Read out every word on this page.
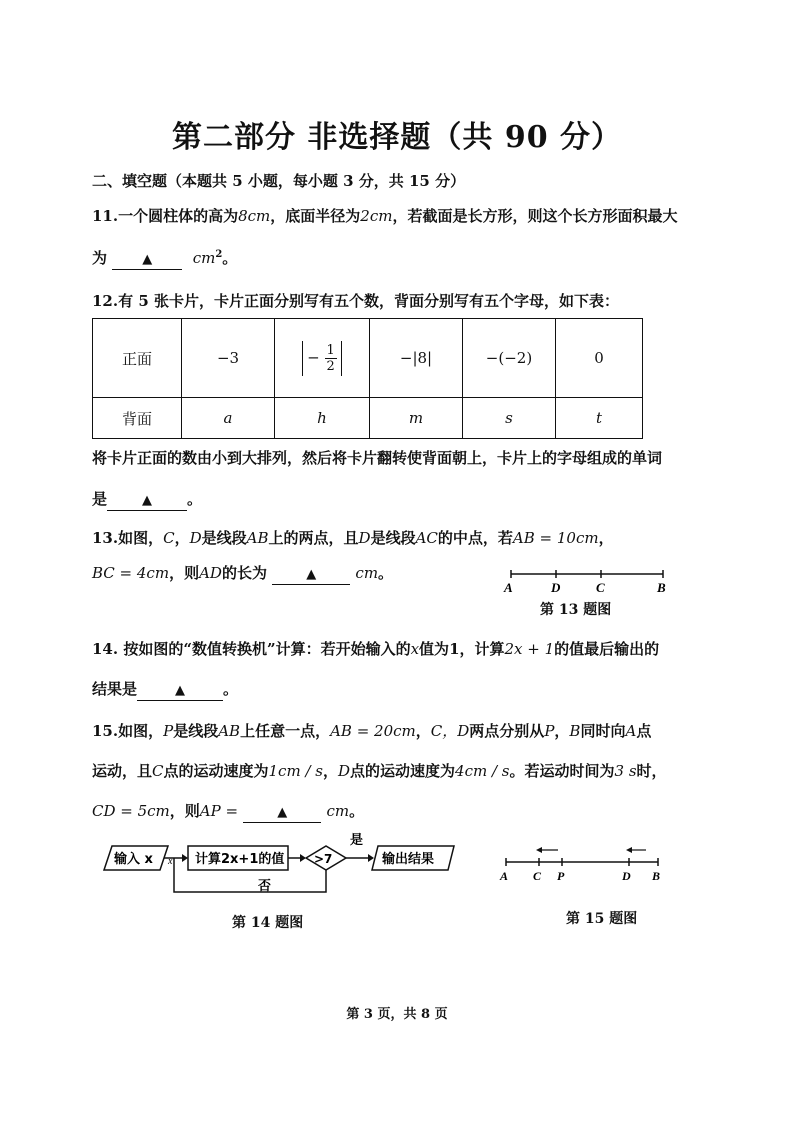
第二部分 非选择题（共 90 分）
二、填空题（本题共 5 小题，每小题 3 分，共 15 分）
11.一个圆柱体的高为8cm，底面半径为2cm，若截面是长方形，则这个长方形面积最大
为	▲	$cm^2$。
12.有 5 张卡片，卡片正面分别写有五个数，背面分别写有五个字母，如下表：
正面	−3	− $\frac{1}{2}$	−|8|	−(−2)	0
背面	a	h	m	s	t
将卡片正面的数由小到大排列，然后将卡片翻转使背面朝上，卡片上的字母组成的单词
是	▲ 。
13.如图，C，D是线段AB上的两点，且D是线段AC的中点，若AB = 10cm，
BC = 4cm，则AD的长为	▲	cm。
A	D	C	B
第 13 题图
14. 按如图的“数值转换机”计算：若开始输入的x值为1，计算2x + 1的值最后输出的
结果是	▲	。
15.如图，P是线段AB上任意一点，AB = 20cm，C，D两点分别从P，B同时向A点
运动，且C点的运动速度为1cm / s，D点的运动速度为4cm / s。若运动时间为3 s时，
CD = 5cm，则AP =	▲	cm。
输入 x x 计算2x+1的值 >7
是
输出结果
否
第 14 题图
A C P	D B
第 15 题图
第 3 页，共 8 页
